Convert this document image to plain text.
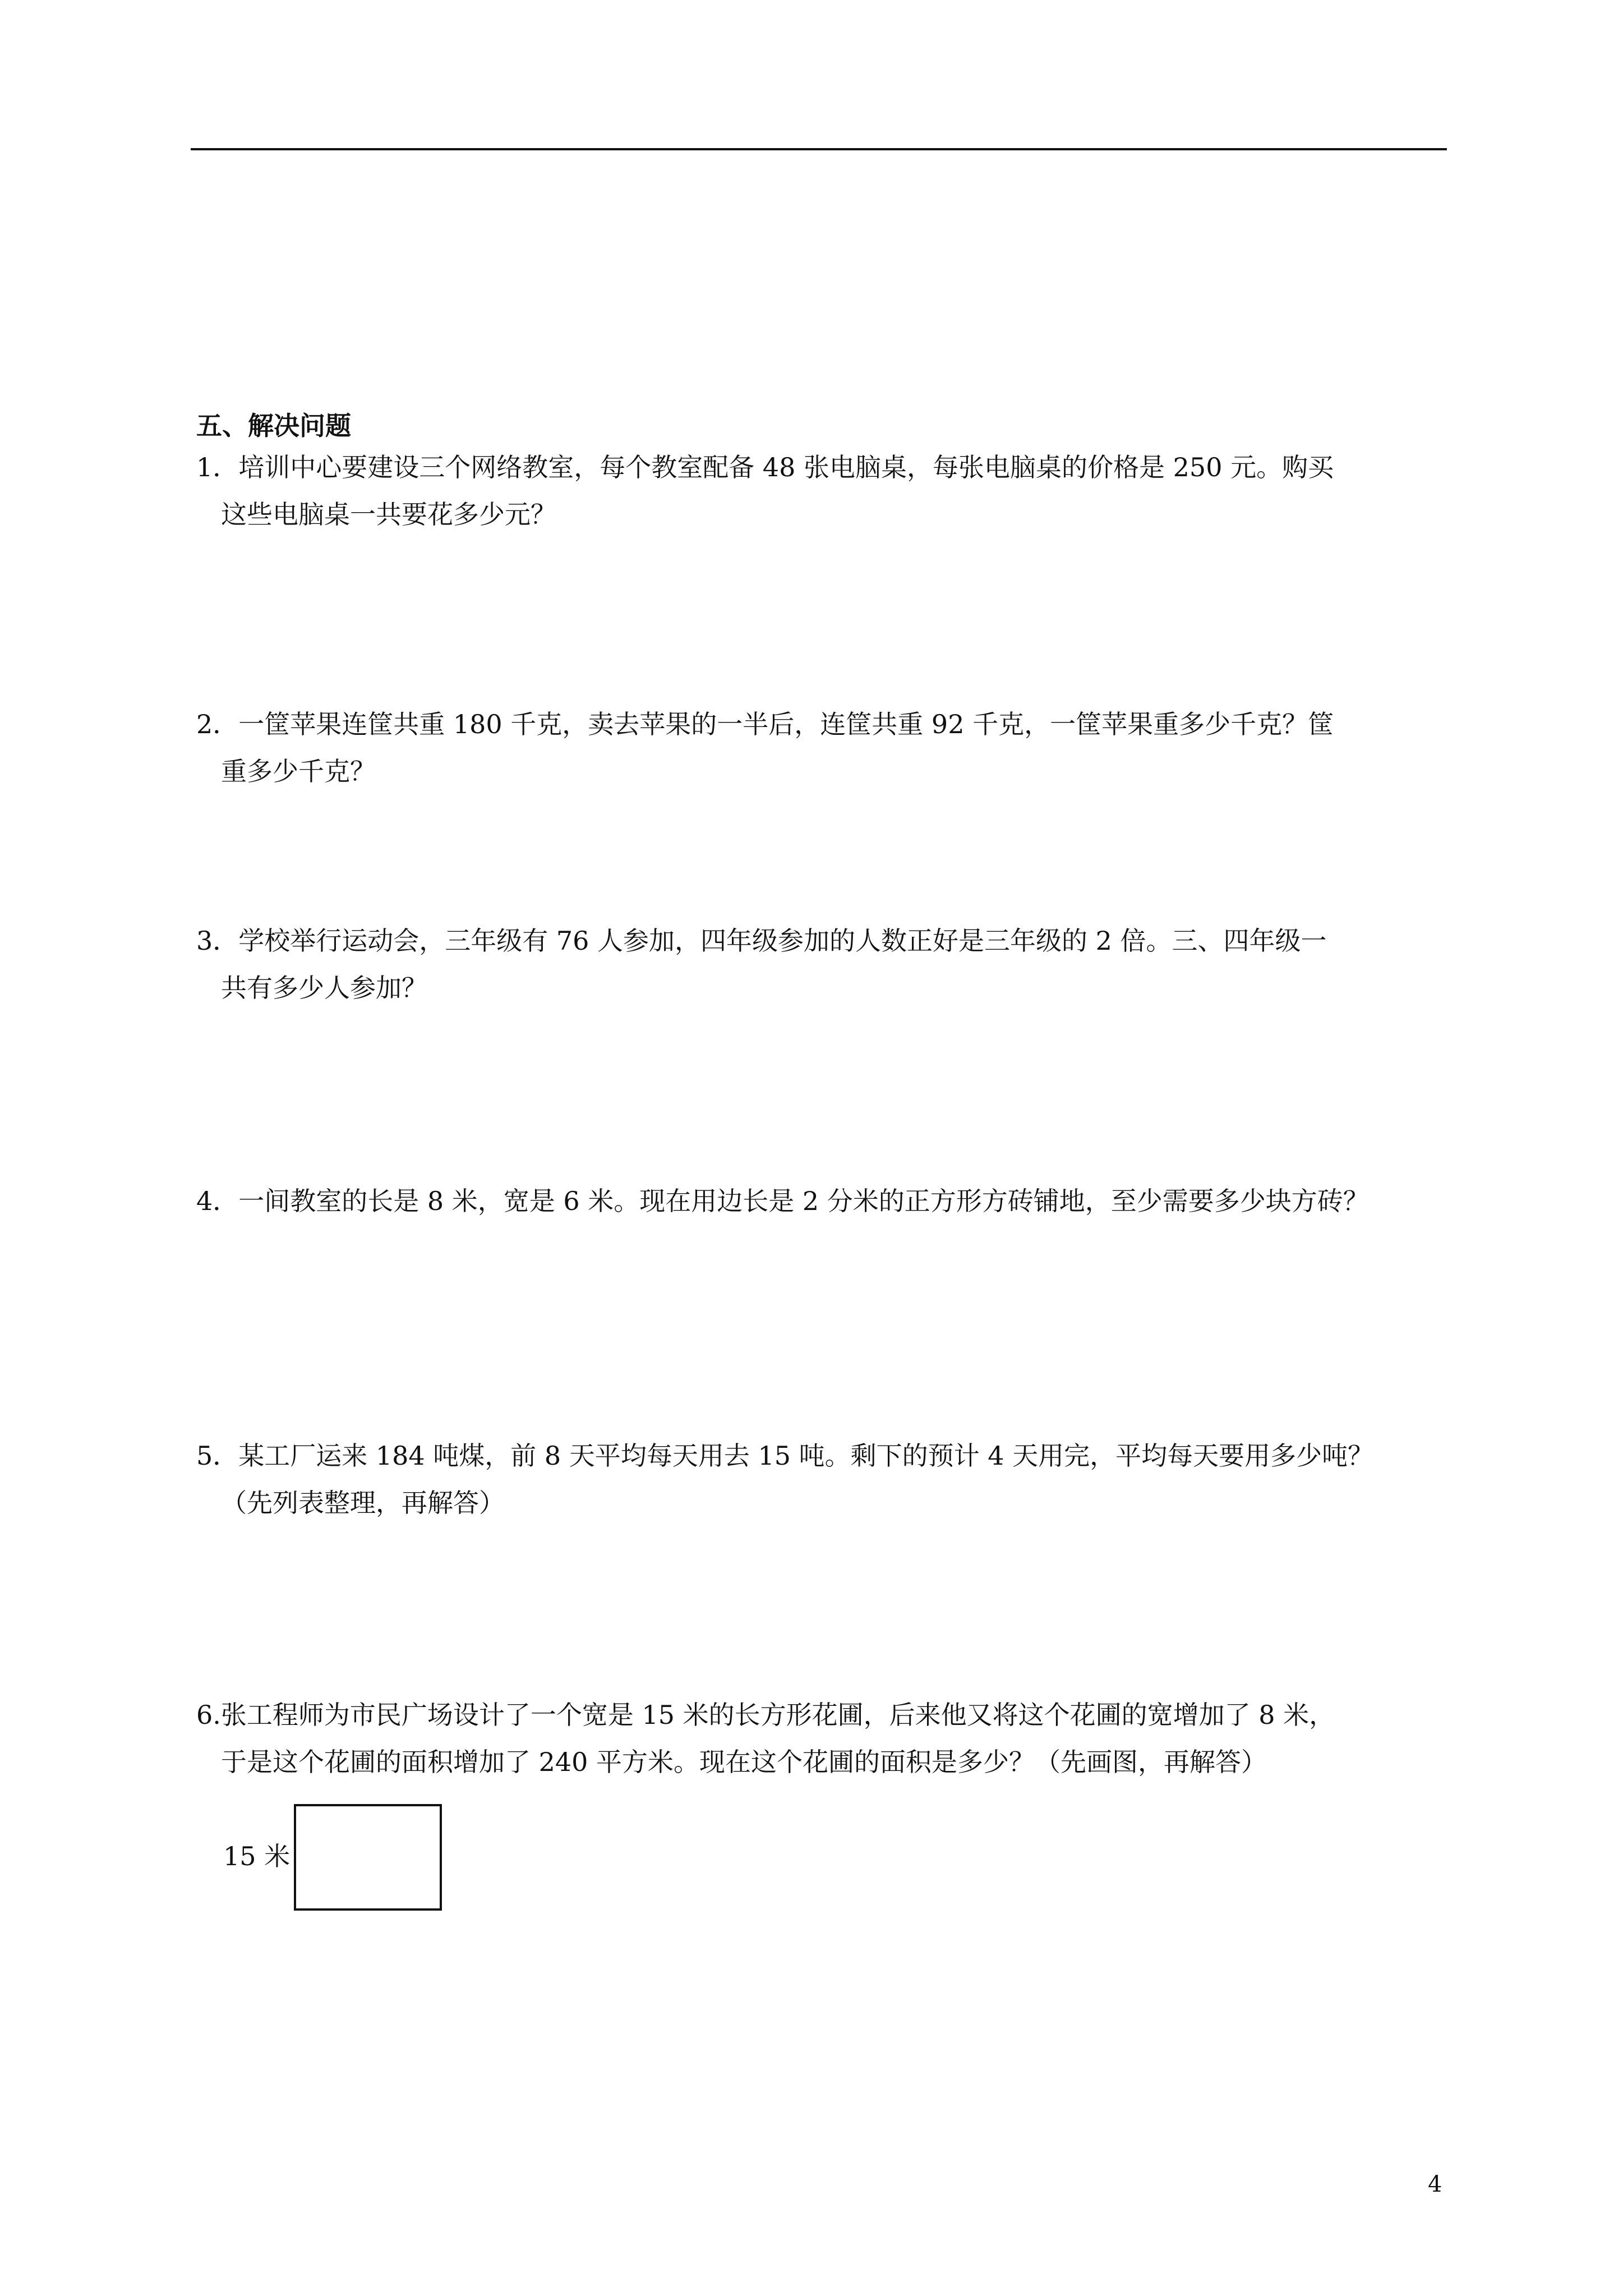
五、解决问题
1．培训中心要建设三个网络教室，每个教室配备 48 张电脑桌，每张电脑桌的价格是 250 元。购买
这些电脑桌一共要花多少元？
2．一筐苹果连筐共重 180 千克，卖去苹果的一半后，连筐共重 92 千克，一筐苹果重多少千克？筐
重多少千克？
3．学校举行运动会，三年级有 76 人参加，四年级参加的人数正好是三年级的 2 倍。三、四年级一
共有多少人参加？
4．一间教室的长是 8 米，宽是 6 米。现在用边长是 2 分米的正方形方砖铺地，至少需要多少块方砖？
5．某工厂运来 184 吨煤，前 8 天平均每天用去 15 吨。剩下的预计 4 天用完，平均每天要用多少吨？
（先列表整理，再解答）
6.张工程师为市民广场设计了一个宽是 15 米的长方形花圃，后来他又将这个花圃的宽增加了 8 米，
于是这个花圃的面积增加了 240 平方米。现在这个花圃的面积是多少？（先画图，再解答）
15 米
4
